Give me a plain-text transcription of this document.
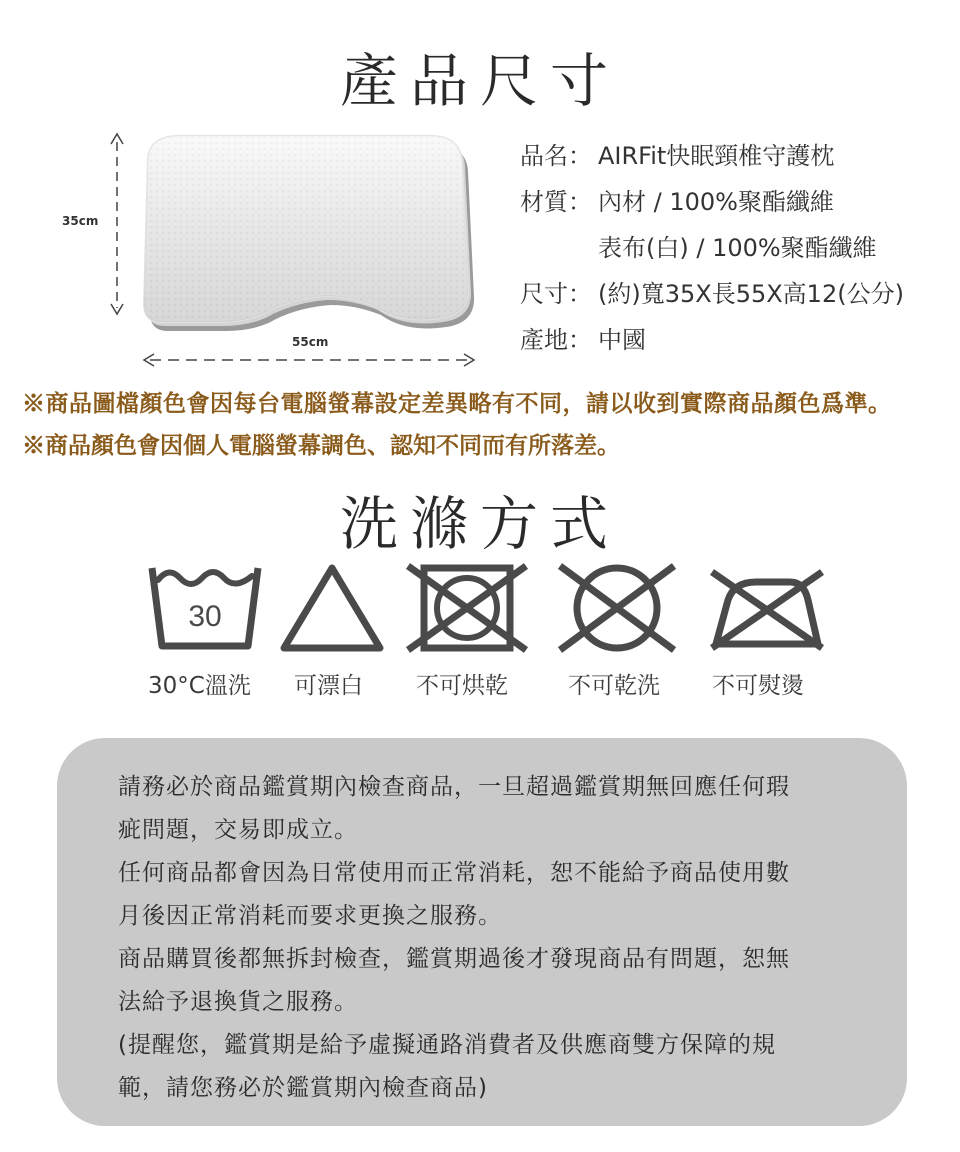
產品尺寸
35cm
55cm
品名： AIRFit快眠頸椎守護枕
材質： 內材 / 100%聚酯纖維
表布(白) / 100%聚酯纖維
尺寸： (約)寬35X長55X高12(公分)
產地： 中國
※商品圖檔顏色會因每台電腦螢幕設定差異略有不同，請以收到實際商品顏色爲準。
※商品顏色會因個人電腦螢幕調色、認知不同而有所落差。
洗滌方式
30
30°C溫洗 可漂白 不可烘乾	不可乾洗 不可熨燙
請務必於商品鑑賞期內檢查商品，一旦超過鑑賞期無回應任何瑕
疵問題，交易即成立。
任何商品都會因為日常使用而正常消耗，恕不能給予商品使用數
月後因正常消耗而要求更換之服務。
商品購買後都無拆封檢查，鑑賞期過後才發現商品有問題，恕無
法給予退換貨之服務。
(提醒您，鑑賞期是給予虛擬通路消費者及供應商雙方保障的規
範，請您務必於鑑賞期內檢查商品)
